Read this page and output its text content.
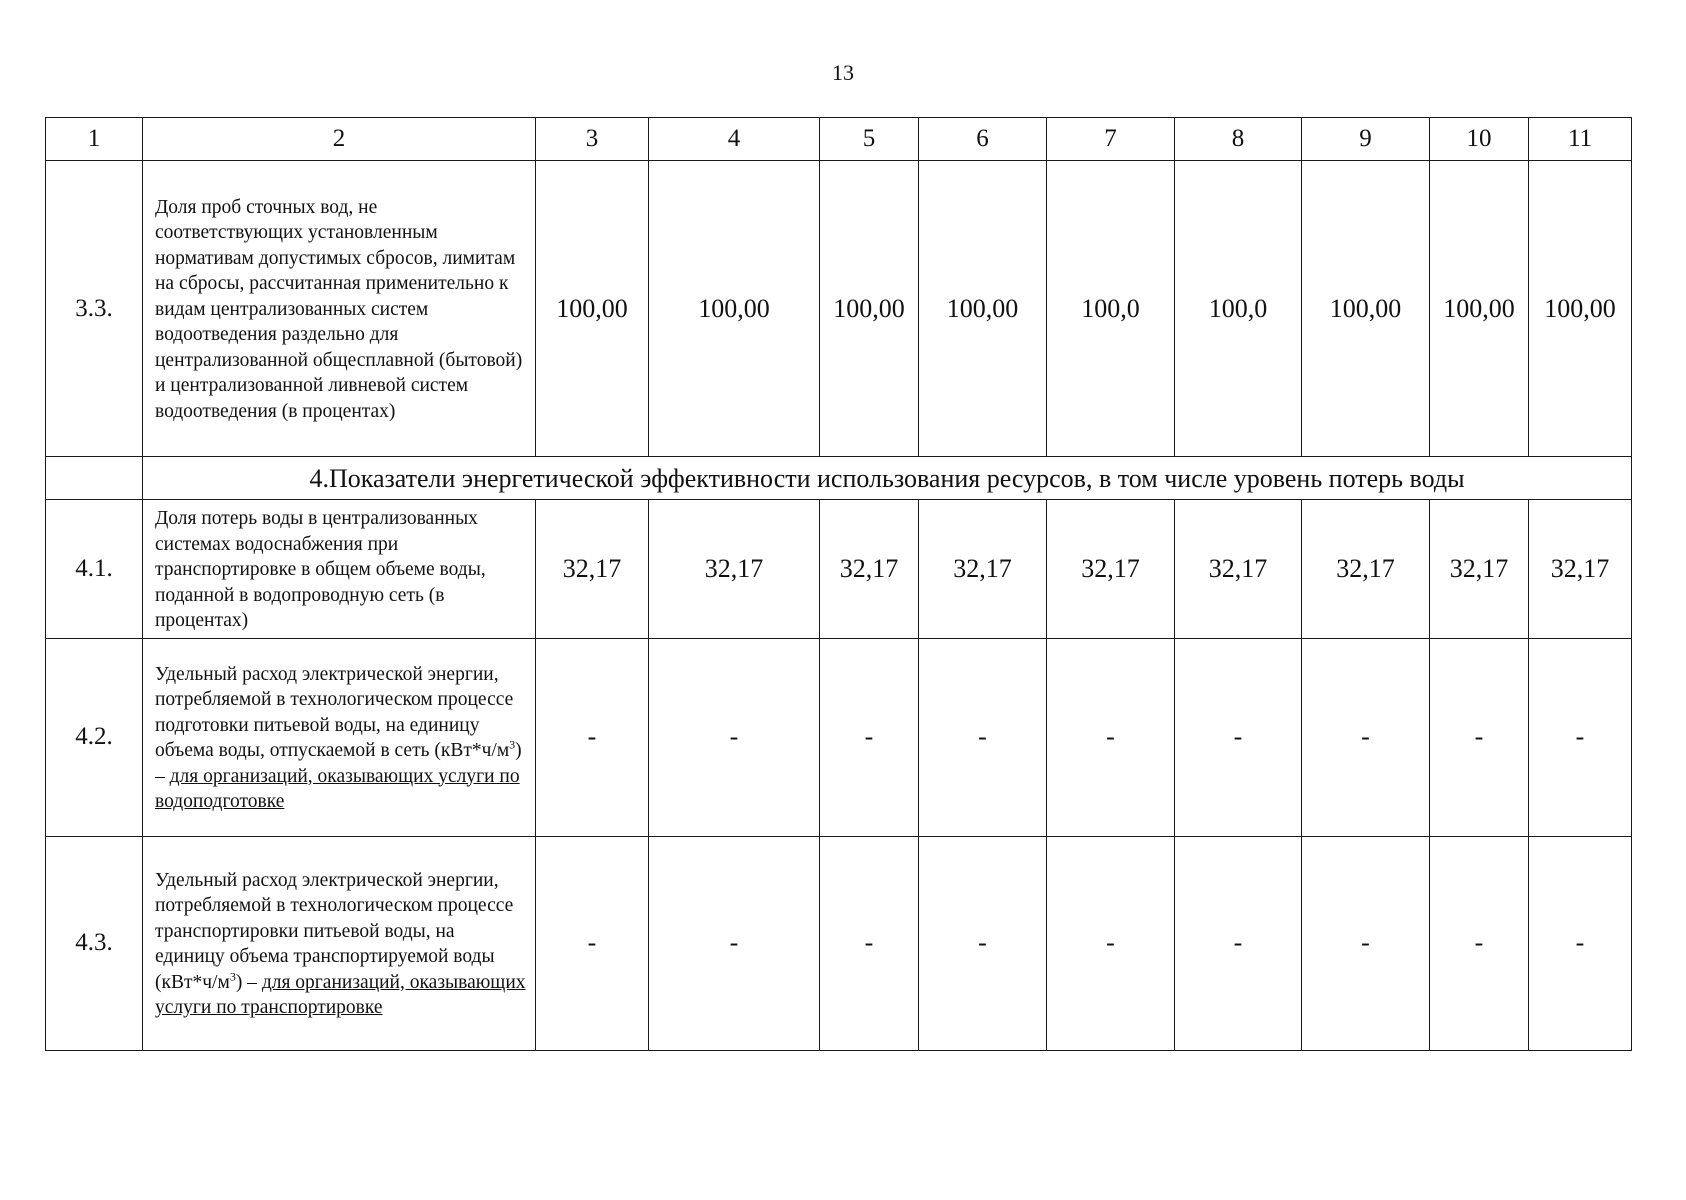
13
1	2	3	4	5	6	7	8	9	10	11
3.3.	Доля проб сточных вод, не соответствующих установленным нормативам допустимых сбросов, лимитам на сбросы, рассчитанная применительно к видам централизованных систем водоотведения раздельно для централизованной общесплавной (бытовой) и централизованной ливневой систем водоотведения (в процентах)	100,00	100,00	100,00	100,00	100,0	100,0	100,00	100,00	100,00
	4.Показатели энергетической эффективности использования ресурсов, в том числе уровень потерь воды									
4.1.	Доля потерь воды в централизованных системах водоснабжения при транспортировке в общем объеме воды, поданной в водопроводную сеть (в процентах)	32,17	32,17	32,17	32,17	32,17	32,17	32,17	32,17	32,17
4.2.	Удельный расход электрической энергии, потребляемой в технологическом процессе подготовки питьевой воды, на единицу объема воды, отпускаемой в сеть $(кВт*ч/м^3)$ – для организаций, оказывающих услуги по водоподготовке	-	-	-	-	-	-	-	-	-
4.3.	Удельный расход электрической энергии, потребляемой в технологическом процессе транспортировки питьевой воды, на единицу объема транспортируемой воды $(кВт*ч/м^3)$ – для организаций, оказывающих услуги по транспортировке	-	-	-	-	-	-	-	-	-
